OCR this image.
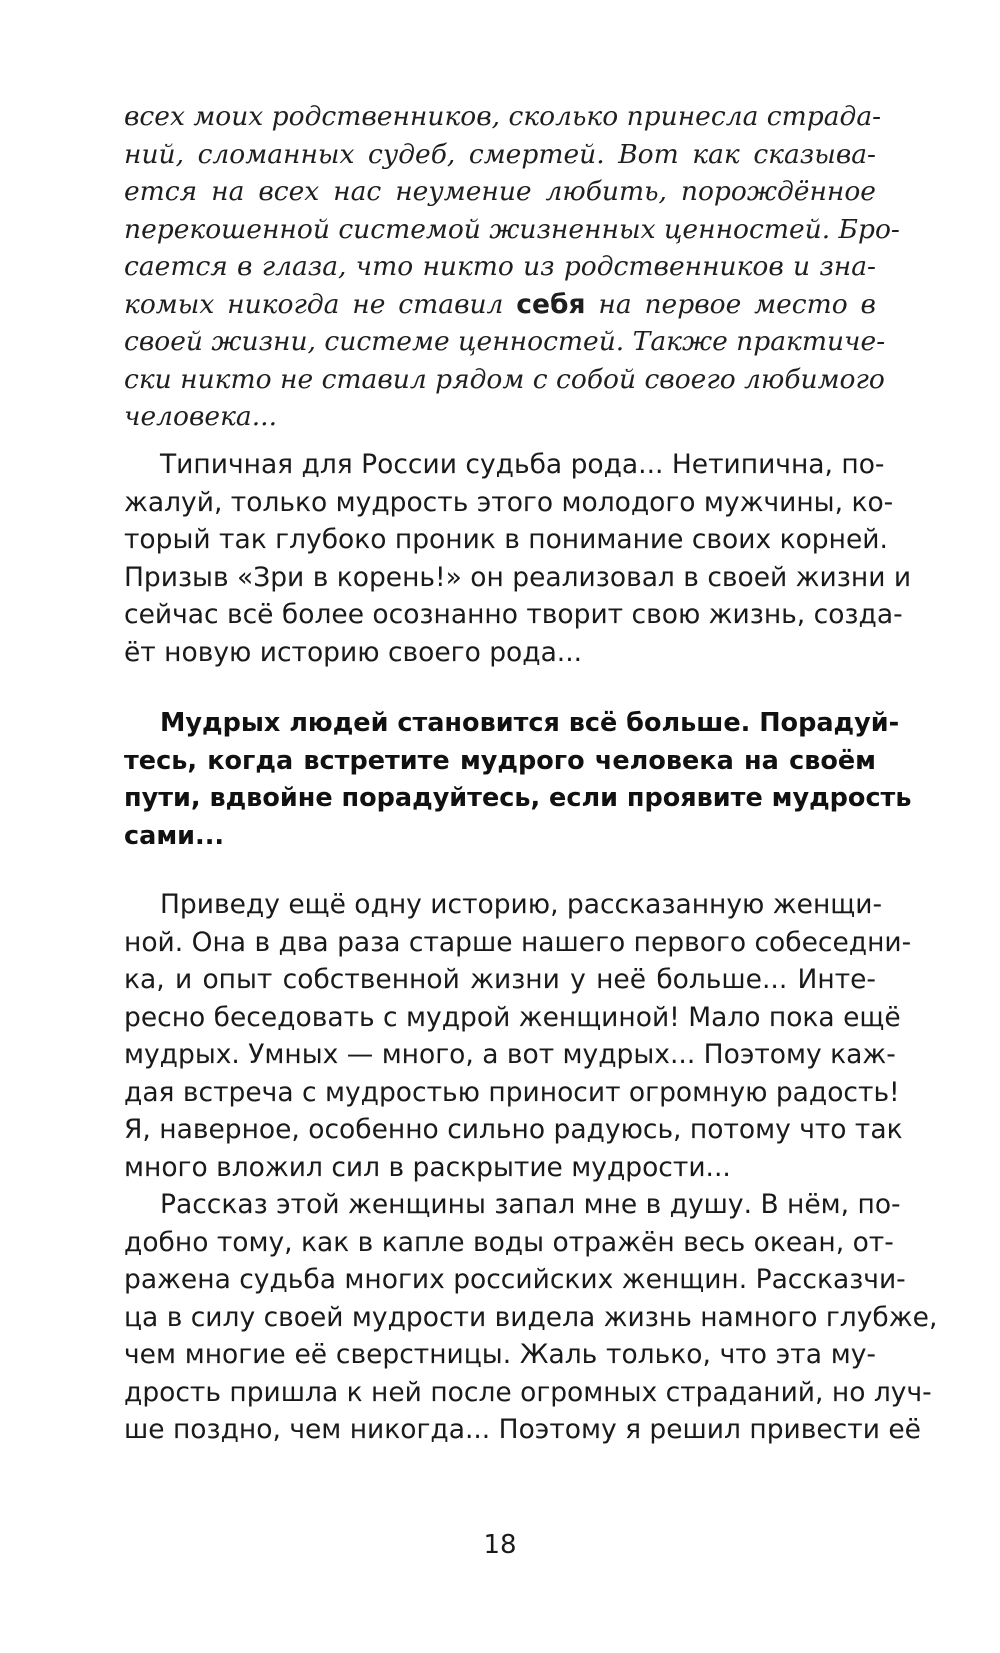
всех моих родственников, сколько принесла страда-
ний, сломанных судеб, смертей. Вот как сказыва-
ется на всех нас неумение любить, порождённое
перекошенной системой жизненных ценностей. Бро-
сается в глаза, что никто из родственников и зна-
комых никогда не ставил себя на первое место в
своей жизни, системе ценностей. Также практиче-
ски никто не ставил рядом с собой своего любимого
человека...
Типичная для России судьба рода... Нетипична, по-
жалуй, только мудрость этого молодого мужчины, ко-
торый так глубоко проник в понимание своих корней.
Призыв «Зри в корень!» он реализовал в своей жизни и
сейчас всё более осознанно творит свою жизнь, созда-
ёт новую историю своего рода...
Мудрых людей становится всё больше. Порадуй-
тесь, когда встретите мудрого человека на своём
пути, вдвойне порадуйтесь, если проявите мудрость
сами...
Приведу ещё одну историю, рассказанную женщи-
ной. Она в два раза старше нашего первого собеседни-
ка, и опыт собственной жизни у неё больше... Инте-
ресно беседовать с мудрой женщиной! Мало пока ещё
мудрых. Умных — много, а вот мудрых... Поэтому каж-
дая встреча с мудростью приносит огромную радость!
Я, наверное, особенно сильно радуюсь, потому что так
много вложил сил в раскрытие мудрости...
Рассказ этой женщины запал мне в душу. В нём, по-
добно тому, как в капле воды отражён весь океан, от-
ражена судьба многих российских женщин. Рассказчи-
ца в силу своей мудрости видела жизнь намного глубже,
чем многие её сверстницы. Жаль только, что эта му-
дрость пришла к ней после огромных страданий, но луч-
ше поздно, чем никогда... Поэтому я решил привести её
18
